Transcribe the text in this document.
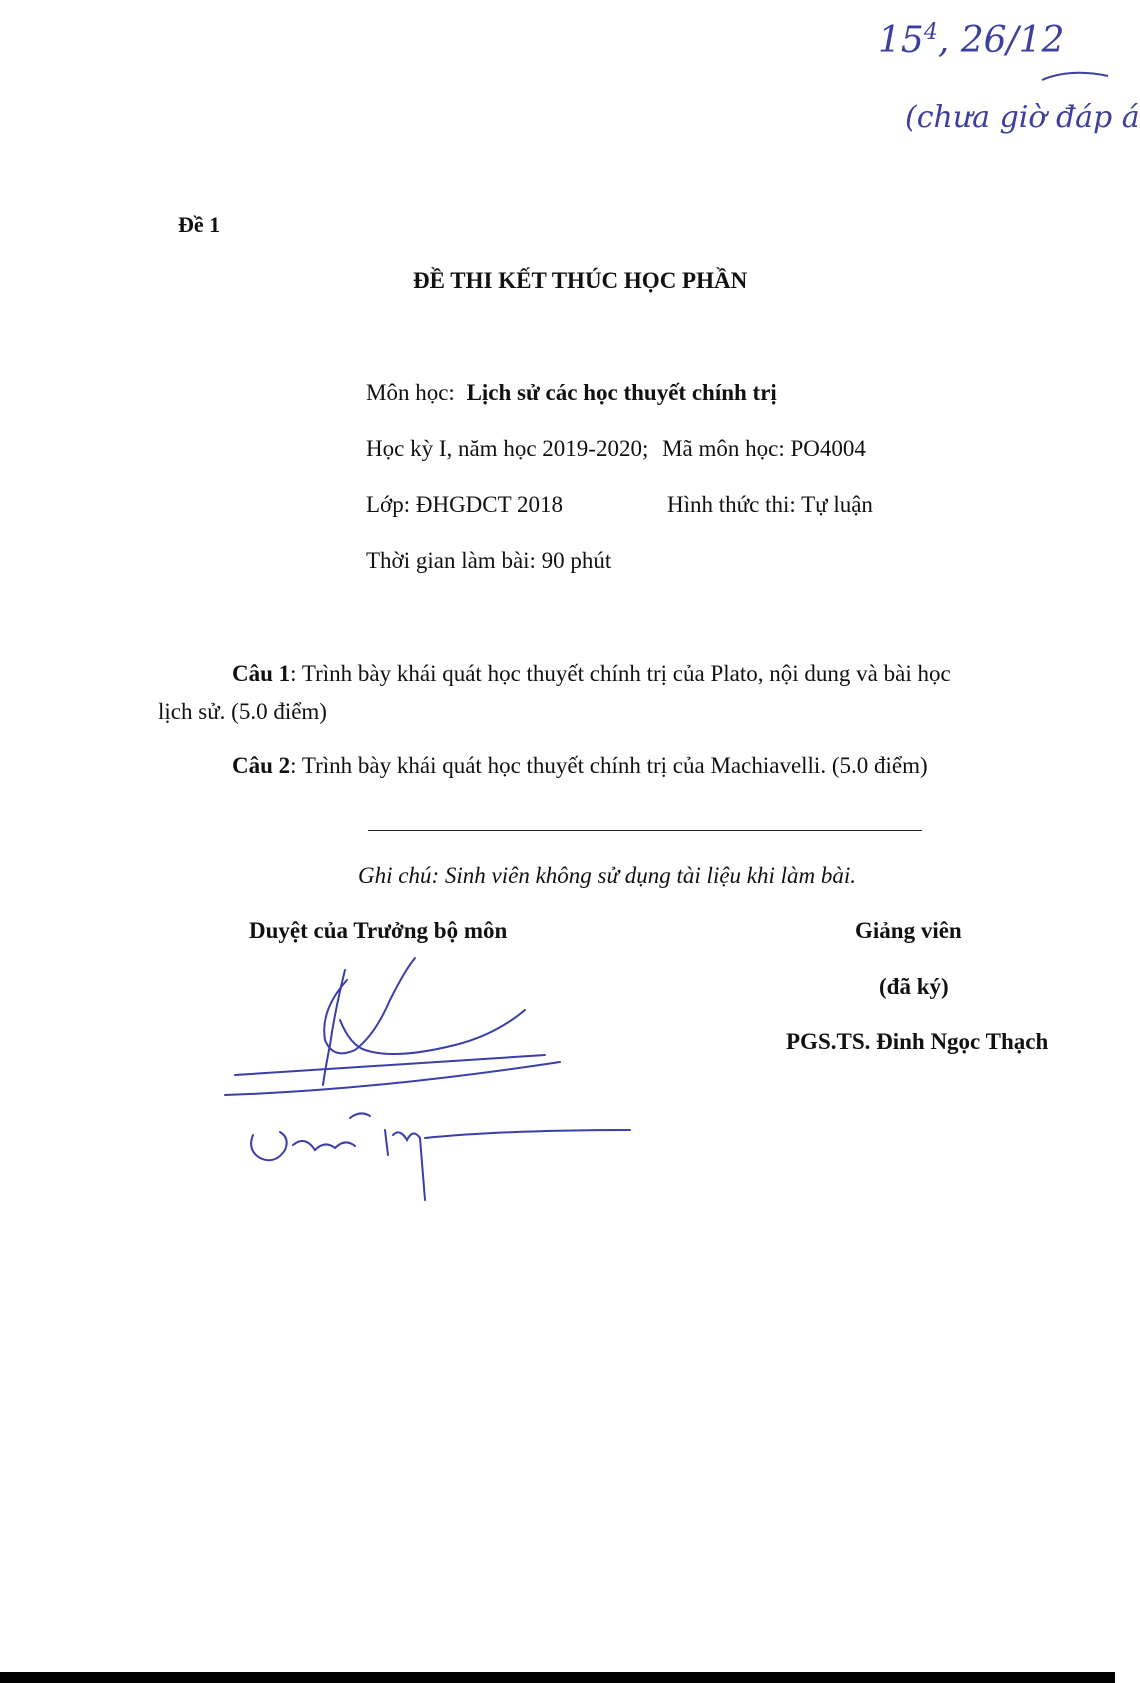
$15^4$, 26/12
(chưa giờ đáp á
Đề 1
ĐỀ THI KẾT THÚC HỌC PHẦN
Môn học: Lịch sử các học thuyết chính trị
Học kỳ I, năm học 2019-2020; Mã môn học: PO4004
Lớp: ĐHGDCT 2018	Hình thức thi: Tự luận
Thời gian làm bài: 90 phút
Câu 1: Trình bày khái quát học thuyết chính trị của Plato, nội dung và bài học
lịch sử. (5.0 điểm)
Câu 2: Trình bày khái quát học thuyết chính trị của Machiavelli. (5.0 điểm)
Ghi chú: Sinh viên không sử dụng tài liệu khi làm bài.
Duyệt của Trưởng bộ môn	Giảng viên
(đã ký)
PGS.TS. Đinh Ngọc Thạch
